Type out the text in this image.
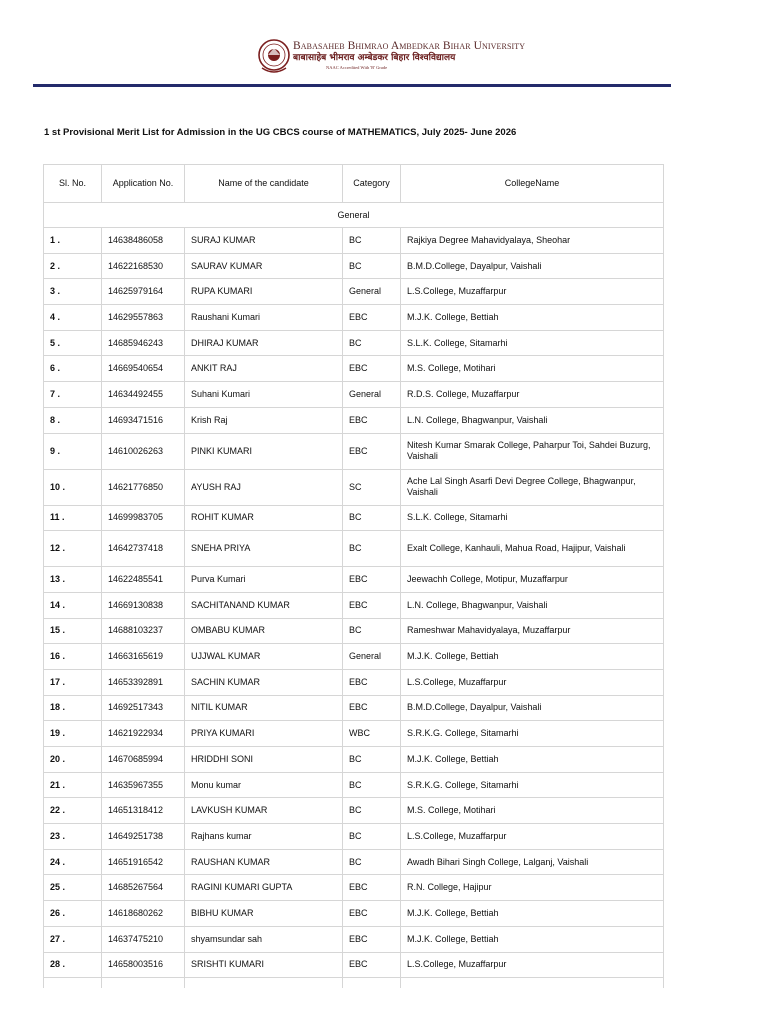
Babasaheb Bhimrao Ambedkar Bihar University
बाबासाहेब भीमराव अम्बेडकर बिहार विश्वविद्यालय
NAAC Accredited With 'B' Grade
1 st Provisional Merit List for Admission in the UG CBCS course of MATHEMATICS, July 2025- June 2026
Sl. No.	Application No.	Name of the candidate	Category	CollegeName
General				
1 .	14638486058	SURAJ KUMAR	BC	Rajkiya Degree Mahavidyalaya, Sheohar
2 .	14622168530	SAURAV KUMAR	BC	B.M.D.College, Dayalpur, Vaishali
3 .	14625979164	RUPA KUMARI	General	L.S.College, Muzaffarpur
4 .	14629557863	Raushani Kumari	EBC	M.J.K. College, Bettiah
5 .	14685946243	DHIRAJ KUMAR	BC	S.L.K. College, Sitamarhi
6 .	14669540654	ANKIT RAJ	EBC	M.S. College, Motihari
7 .	14634492455	Suhani Kumari	General	R.D.S. College, Muzaffarpur
8 .	14693471516	Krish Raj	EBC	L.N. College, Bhagwanpur, Vaishali
9 .	14610026263	PINKI KUMARI	EBC	Nitesh Kumar Smarak College, Paharpur Toi, Sahdei Buzurg, Vaishali
10 .	14621776850	AYUSH RAJ	SC	Ache Lal Singh Asarfi Devi Degree College, Bhagwanpur, Vaishali
11 .	14699983705	ROHIT KUMAR	BC	S.L.K. College, Sitamarhi
12 .	14642737418	SNEHA PRIYA	BC	Exalt College, Kanhauli, Mahua Road, Hajipur, Vaishali
13 .	14622485541	Purva Kumari	EBC	Jeewachh College, Motipur, Muzaffarpur
14 .	14669130838	SACHITANAND KUMAR	EBC	L.N. College, Bhagwanpur, Vaishali
15 .	14688103237	OMBABU KUMAR	BC	Rameshwar Mahavidyalaya, Muzaffarpur
16 .	14663165619	UJJWAL KUMAR	General	M.J.K. College, Bettiah
17 .	14653392891	SACHIN KUMAR	EBC	L.S.College, Muzaffarpur
18 .	14692517343	NITIL KUMAR	EBC	B.M.D.College, Dayalpur, Vaishali
19 .	14621922934	PRIYA KUMARI	WBC	S.R.K.G. College, Sitamarhi
20 .	14670685994	HRIDDHI SONI	BC	M.J.K. College, Bettiah
21 .	14635967355	Monu kumar	BC	S.R.K.G. College, Sitamarhi
22 .	14651318412	LAVKUSH KUMAR	BC	M.S. College, Motihari
23 .	14649251738	Rajhans kumar	BC	L.S.College, Muzaffarpur
24 .	14651916542	RAUSHAN KUMAR	BC	Awadh Bihari Singh College, Lalganj, Vaishali
25 .	14685267564	RAGINI KUMARI GUPTA	EBC	R.N. College, Hajipur
26 .	14618680262	BIBHU KUMAR	EBC	M.J.K. College, Bettiah
27 .	14637475210	shyamsundar sah	EBC	M.J.K. College, Bettiah
28 .	14658003516	SRISHTI KUMARI	EBC	L.S.College, Muzaffarpur
